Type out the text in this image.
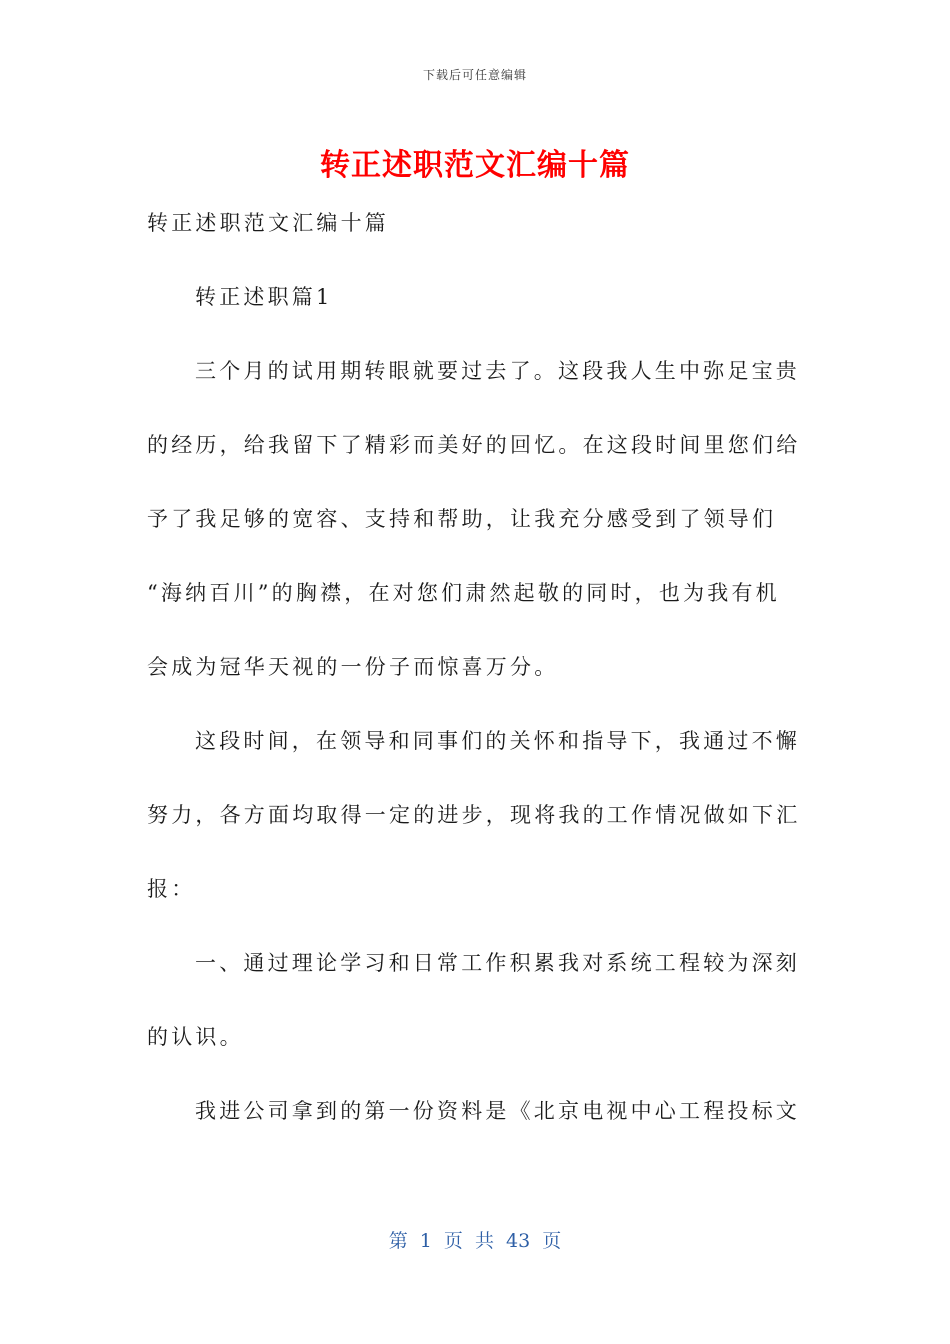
下载后可任意编辑
转正述职范文汇编十篇

转正述职范文汇编十篇

转正述职篇1

三个月的试用期转眼就要过去了。这段我人生中弥足宝贵

的经历，给我留下了精彩而美好的回忆。在这段时间里您们给

予了我足够的宽容、支持和帮助，让我充分感受到了领导们

“海纳百川”的胸襟，在对您们肃然起敬的同时，也为我有机

会成为冠华天视的一份子而惊喜万分。

这段时间，在领导和同事们的关怀和指导下，我通过不懈

努力，各方面均取得一定的进步，现将我的工作情况做如下汇

报：

一、通过理论学习和日常工作积累我对系统工程较为深刻

的认识。

我进公司拿到的第一份资料是《北京电视中心工程投标文

第 1 页 共 43 页
